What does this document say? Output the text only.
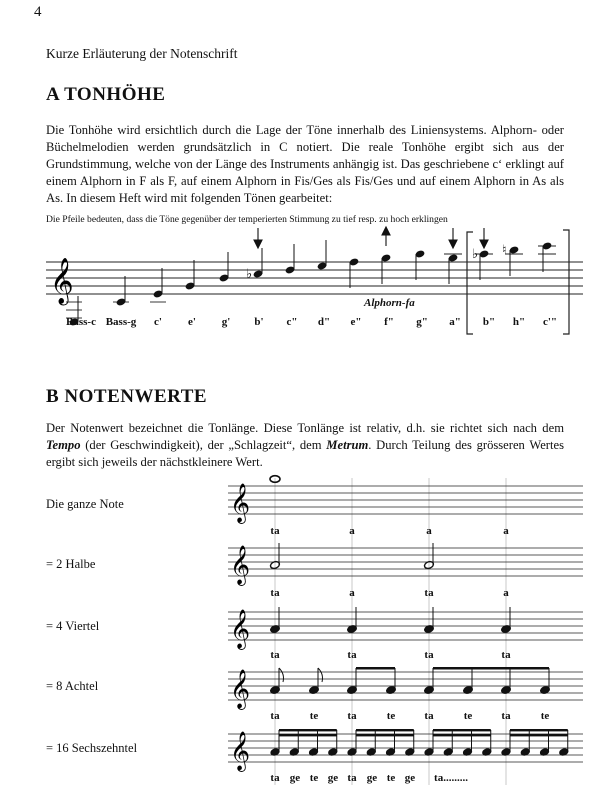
4
Kurze Erläuterung der Notenschrift
A TONHÖHE
Die Tonhöhe wird ersichtlich durch die Lage der Töne innerhalb des Liniensystems. Alphorn- oder Büchelmelodien werden grundsätzlich in C notiert. Die reale Tonhöhe ergibt sich aus der Grundstimmung, welche von der Länge des Instruments anhängig ist. Das geschriebene c‘ erklingt auf einem Alphorn in F als F, auf einem Alphorn in Fis/Ges als Fis/Ges und auf einem Alphorn in As als As. In diesem Heft wird mit folgenden Tönen gearbeitet:
Die Pfeile bedeuten, dass die Töne gegenüber der temperierten Stimmung zu tief resp. zu hoch erklingen
𝄞	♭
♭ ♮
Bass-c Bass-g c' e' g' b' c" d" e" f" g" a" b" h" c'"
Alphorn-fa
B NOTENWERTE
Der Notenwert bezeichnet die Tonlänge. Diese Tonlänge ist relativ, d.h. sie richtet sich nach dem Tempo (der Geschwindigkeit), der „Schlagzeit“, dem Metrum. Durch Teilung des grösseren Wertes ergibt sich jeweils der nächstkleinere Wert.
Die ganze Note
= 2 Halbe
= 4 Viertel
= 8 Achtel
= 16 Sechszehntel
𝄞
𝄞
𝄞
𝄞
𝄞
ta	a	a	a
ta	a	ta	a
ta	ta	ta	ta
ta	te	ta	te	ta	te	ta	te
ta ge te ge ta ge te ge ta.........
